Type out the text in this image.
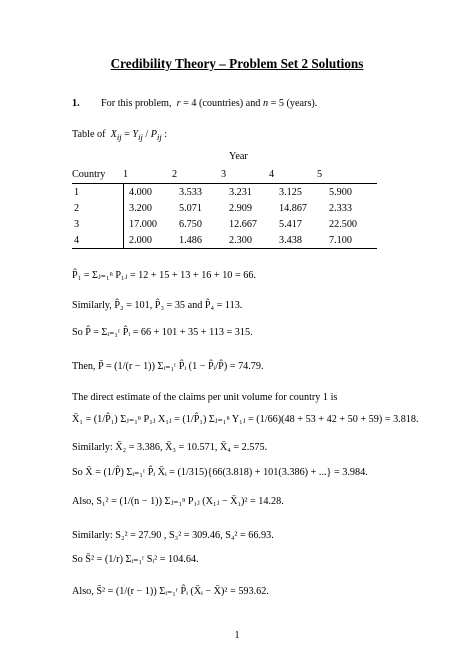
Credibility Theory – Problem Set 2 Solutions
1. For this problem,  r = 4 (countries) and n = 5 (years).
Table of  $X_{ij} = Y_{ij} / P_{ij}$ :
Year
Country 1	2	3	4	5
1	4.000	3.533	3.231	3.125	5.900
2	3.200	5.071	2.909	14.867	2.333
3	17.000	6.750	12.667	5.417	22.500
4	2.000	1.486	2.300	3.438	7.100
P̂₁ = Σⱼ₌₁ⁿ P₁ⱼ = 12 + 15 + 13 + 16 + 10 = 66.
Similarly, P̂₂ = 101, P̂₃ = 35 and P̂₄ = 113.
So P̂ = Σᵢ₌₁ʳ P̂ᵢ = 66 + 101 + 35 + 113 = 315.
Then, P̃ = (1/(r − 1)) Σᵢ₌₁ʳ P̂ᵢ (1 − P̂ᵢ/P̂) = 74.79.
The direct estimate of the claims per unit volume for country 1 is
X̄₁ = (1/P̂₁) Σⱼ₌₁ⁿ P₁ⱼ X₁ⱼ = (1/P̂₁) Σⱼ₌₁ⁿ Y₁ⱼ = (1/66)(48 + 53 + 42 + 50 + 59) = 3.818.
Similarly: X̄₂ = 3.386, X̄₃ = 10.571, X̄₄ = 2.575.
So X̄ = (1/P̂) Σᵢ₌₁ʳ P̂ᵢ X̄ᵢ = (1/315){66(3.818) + 101(3.386) + ...} = 3.984.
Also, S₁² = (1/(n − 1)) Σⱼ₌₁ⁿ P₁ⱼ (X₁ⱼ − X̄₁)² = 14.28.
Similarly: S₂² = 27.90 , S₃² = 309.46, S₄² = 66.93.
So S̄² = (1/r) Σᵢ₌₁ʳ Sᵢ² = 104.64.
Also, S̃² = (1/(r − 1)) Σᵢ₌₁ʳ P̂ᵢ (X̄ᵢ − X̄)² = 593.62.
1
